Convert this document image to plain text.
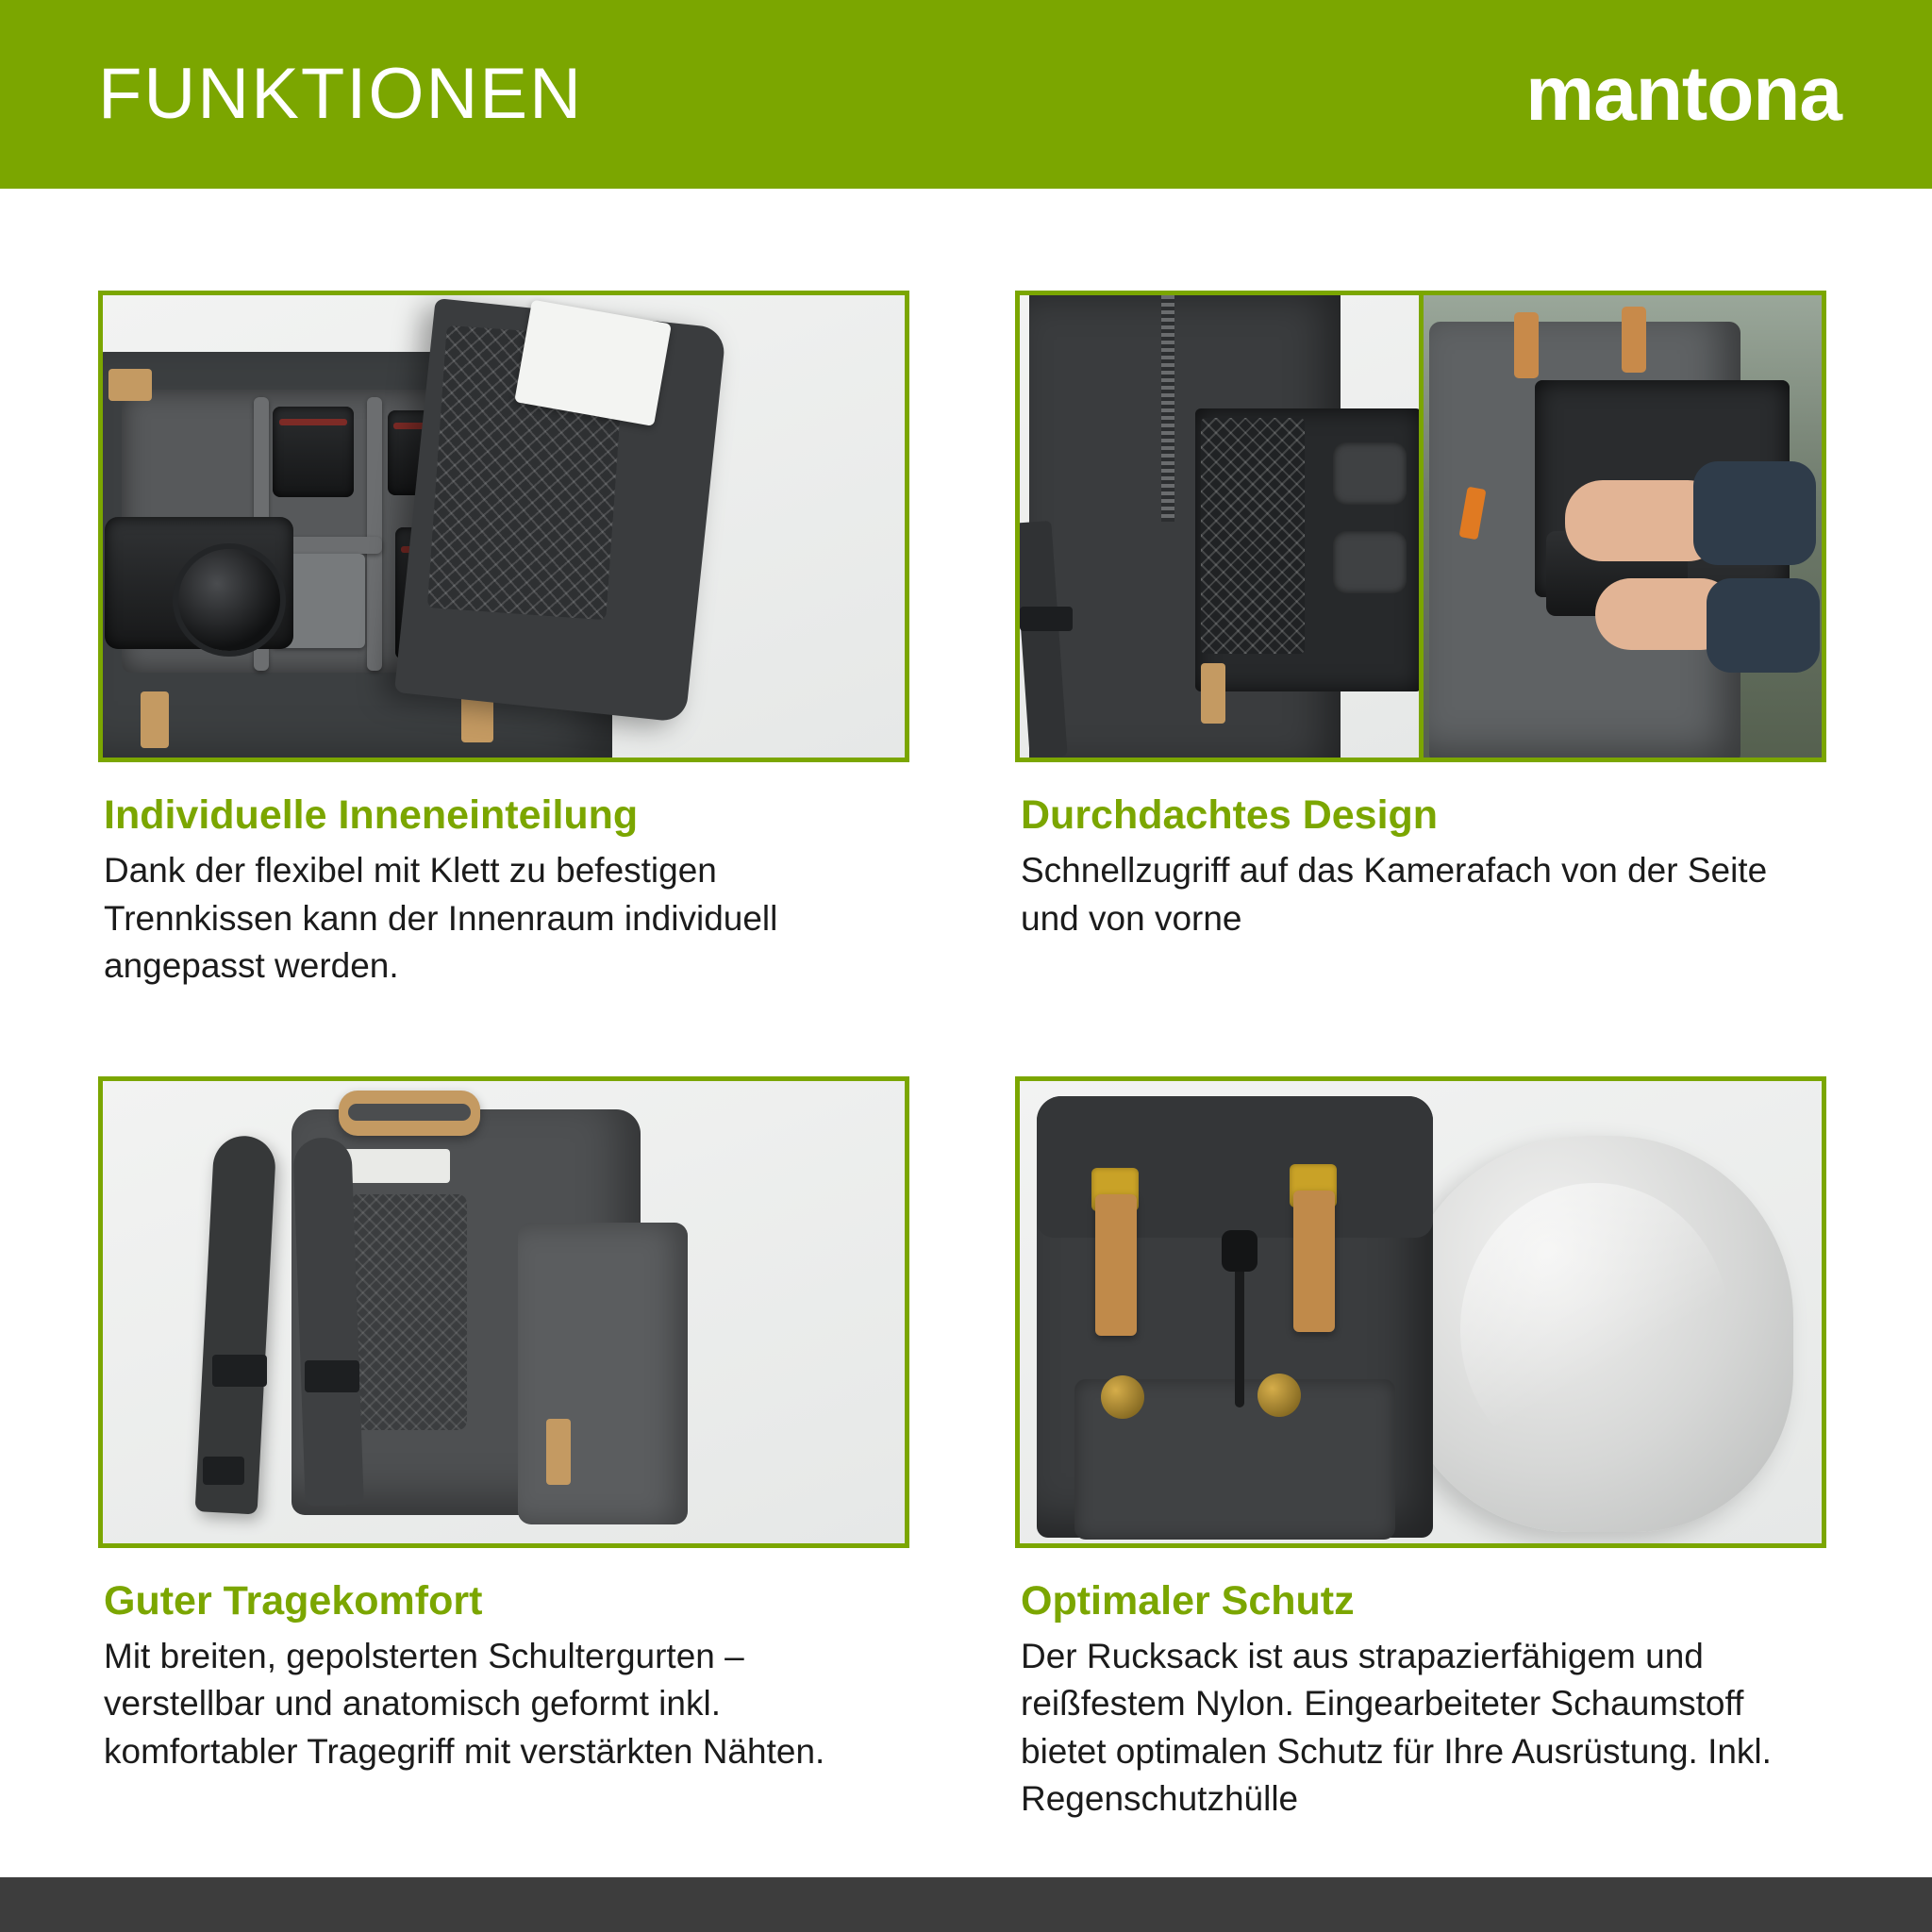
FUNKTIONEN	mantona
Individuelle Inneneinteilung
Dank der flexibel mit Klett zu befestigen Trennkissen kann der Innenraum individuell angepasst werden.
Durchdachtes Design
Schnellzugriff auf das Kamerafach von der Seite und von vorne
Guter Tragekomfort
Mit breiten, gepolsterten Schultergurten – verstellbar und anatomisch geformt inkl. komfortabler Tragegriff mit verstärkten Nähten.
Optimaler Schutz
Der Rucksack ist aus strapazierfähigem und reißfestem Nylon. Eingearbeiteter Schaumstoff bietet optimalen Schutz für Ihre Ausrüstung. Inkl. Regenschutzhülle
